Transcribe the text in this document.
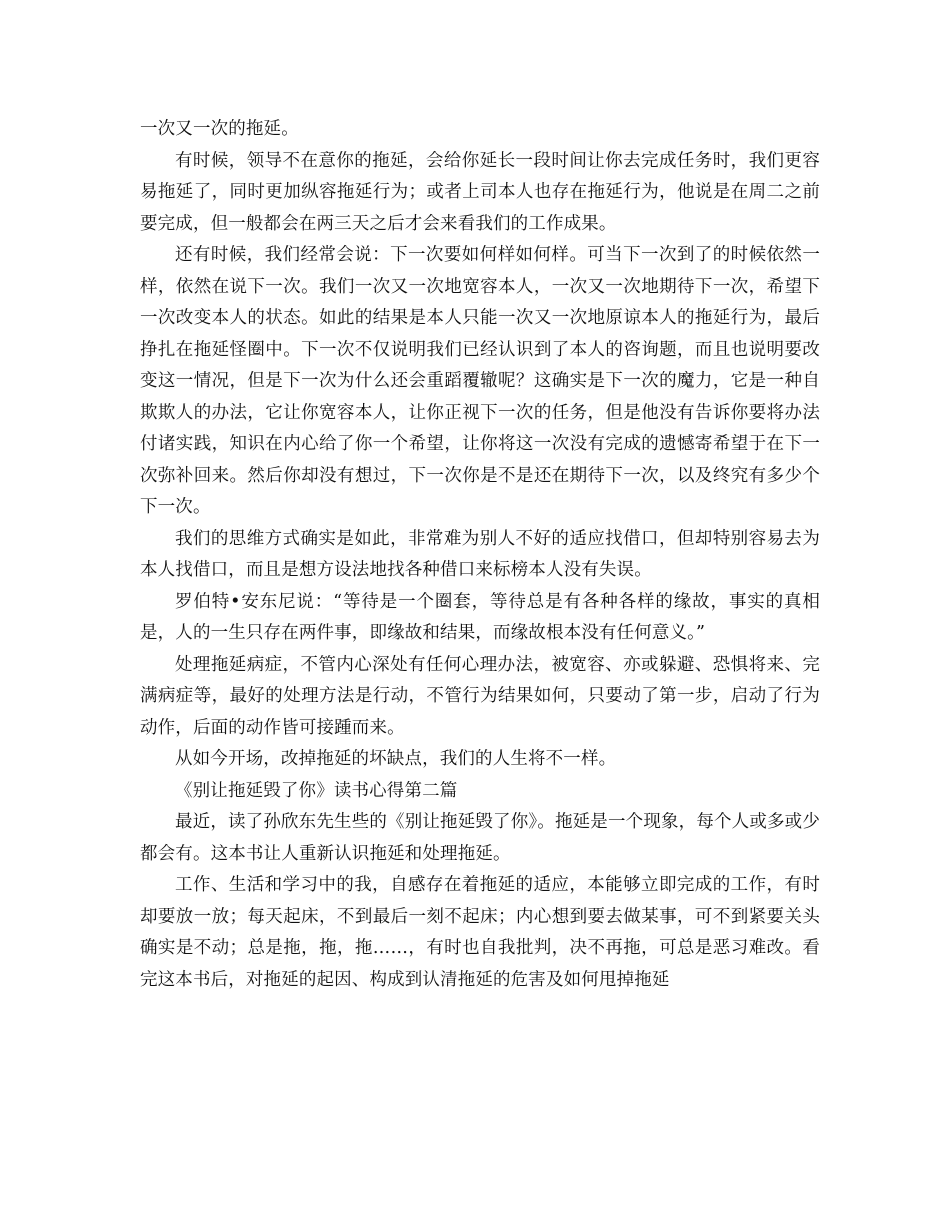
一次又一次的拖延。

有时候，领导不在意你的拖延，会给你延长一段时间让你去完成任务时，我们更容易拖延了，同时更加纵容拖延行为；或者上司本人也存在拖延行为，他说是在周二之前要完成，但一般都会在两三天之后才会来看我们的工作成果。

还有时候，我们经常会说：下一次要如何样如何样。可当下一次到了的时候依然一样，依然在说下一次。我们一次又一次地宽容本人，一次又一次地期待下一次，希望下一次改变本人的状态。如此的结果是本人只能一次又一次地原谅本人的拖延行为，最后挣扎在拖延怪圈中。下一次不仅说明我们已经认识到了本人的咨询题，而且也说明要改变这一情况，但是下一次为什么还会重蹈覆辙呢？这确实是下一次的魔力，它是一种自欺欺人的办法，它让你宽容本人，让你正视下一次的任务，但是他没有告诉你要将办法付诸实践，知识在内心给了你一个希望，让你将这一次没有完成的遗憾寄希望于在下一次弥补回来。然后你却没有想过，下一次你是不是还在期待下一次，以及终究有多少个下一次。

我们的思维方式确实是如此，非常难为别人不好的适应找借口，但却特别容易去为本人找借口，而且是想方设法地找各种借口来标榜本人没有失误。

罗伯特•安东尼说：“等待是一个圈套，等待总是有各种各样的缘故，事实的真相是，人的一生只存在两件事，即缘故和结果，而缘故根本没有任何意义。”

处理拖延病症，不管内心深处有任何心理办法，被宽容、亦或躲避、恐惧将来、完满病症等，最好的处理方法是行动，不管行为结果如何，只要动了第一步，启动了行为动作，后面的动作皆可接踵而来。

从如今开场，改掉拖延的坏缺点，我们的人生将不一样。

《别让拖延毁了你》读书心得第二篇

最近，读了孙欣东先生些的《别让拖延毁了你》。拖延是一个现象，每个人或多或少都会有。这本书让人重新认识拖延和处理拖延。

工作、生活和学习中的我，自感存在着拖延的适应，本能够立即完成的工作，有时却要放一放；每天起床，不到最后一刻不起床；内心想到要去做某事，可不到紧要关头确实是不动；总是拖，拖，拖……，有时也自我批判，决不再拖，可总是恶习难改。看完这本书后，对拖延的起因、构成到认清拖延的危害及如何甩掉拖延
